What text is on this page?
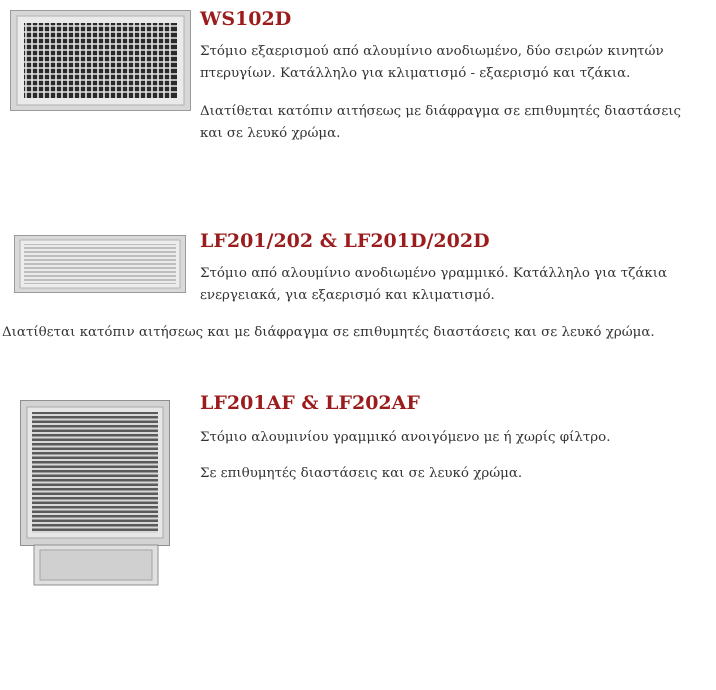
WS102D

Στόμιο εξαερισμού από αλουμίνιο ανοδιωμένο, δύο σειρών κινητών πτερυγίων. Κατάλληλο για κλιματισμό - εξαερισμό και τζάκια.

Διατίθεται κατόπιν αιτήσεως με διάφραγμα σε επιθυμητές διαστάσεις και σε λευκό χρώμα.

LF201/202 & LF201D/202D

Στόμιο από αλουμίνιο ανοδιωμένο γραμμικό. Κατάλληλο για τζάκια ενεργειακά, για εξαερισμό και κλιματισμό.

Διατίθεται κατόπιν αιτήσεως και με διάφραγμα σε επιθυμητές διαστάσεις και σε λευκό χρώμα.

LF201AF & LF202AF

Στόμιο αλουμινίου γραμμικό ανοιγόμενο με ή χωρίς φίλτρο.

Σε επιθυμητές διαστάσεις και σε λευκό χρώμα.
